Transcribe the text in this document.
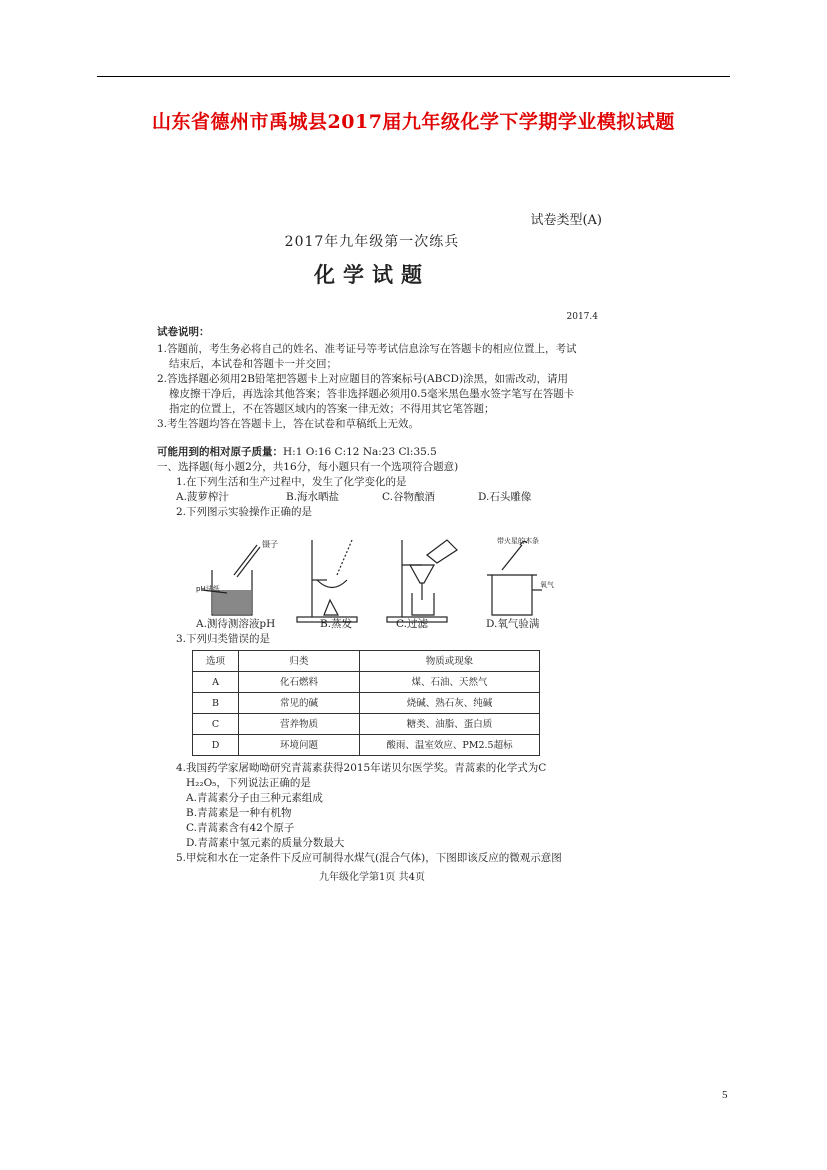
山东省德州市禹城县2017届九年级化学下学期学业模拟试题
试卷类型(A)
2017年九年级第一次练兵
化学试题
2017.4
试卷说明：
1.答题前，考生务必将自己的姓名、准考证号等考试信息涂写在答题卡的相应位置上，考试
结束后，本试卷和答题卡一并交回；
2.答选择题必须用2B铅笔把答题卡上对应题目的答案标号(ABCD)涂黑，如需改动，请用
橡皮擦干净后，再选涂其他答案；答非选择题必须用0.5毫米黑色墨水签字笔写在答题卡
指定的位置上，不在答题区域内的答案一律无效；不得用其它笔答题；
3.考生答题均答在答题卡上，答在试卷和草稿纸上无效。
可能用到的相对原子质量：H:1 O:16 C:12 Na:23 Cl:35.5
一、选择题(每小题2分，共16分，每小题只有一个选项符合题意)
1.在下列生活和生产过程中，发生了化学变化的是
A.菠萝榨汁	B.海水晒盐	C.谷物酿酒	D.石头雕像
2.下列图示实验操作正确的是
镊子
pH试纸
带火星的木条
氧气
A.测待测溶液pH	B.蒸发	C.过滤	D.氧气验满
3.下列归类错误的是
选项	归类	物质或现象
A	化石燃料	煤、石油、天然气
B	常见的碱	烧碱、熟石灰、纯碱
C	营养物质	糖类、油脂、蛋白质
D	环境问题	酸雨、温室效应、PM2.5超标
4.我国药学家屠呦呦研究青蒿素获得2015年诺贝尔医学奖。青蒿素的化学式为C
H₂₂O₅，下列说法正确的是
A.青蒿素分子由三种元素组成
B.青蒿素是一种有机物
C.青蒿素含有42个原子
D.青蒿素中氢元素的质量分数最大
5.甲烷和水在一定条件下反应可制得水煤气(混合气体)，下图即该反应的微观示意图
九年级化学第1页 共4页
5
